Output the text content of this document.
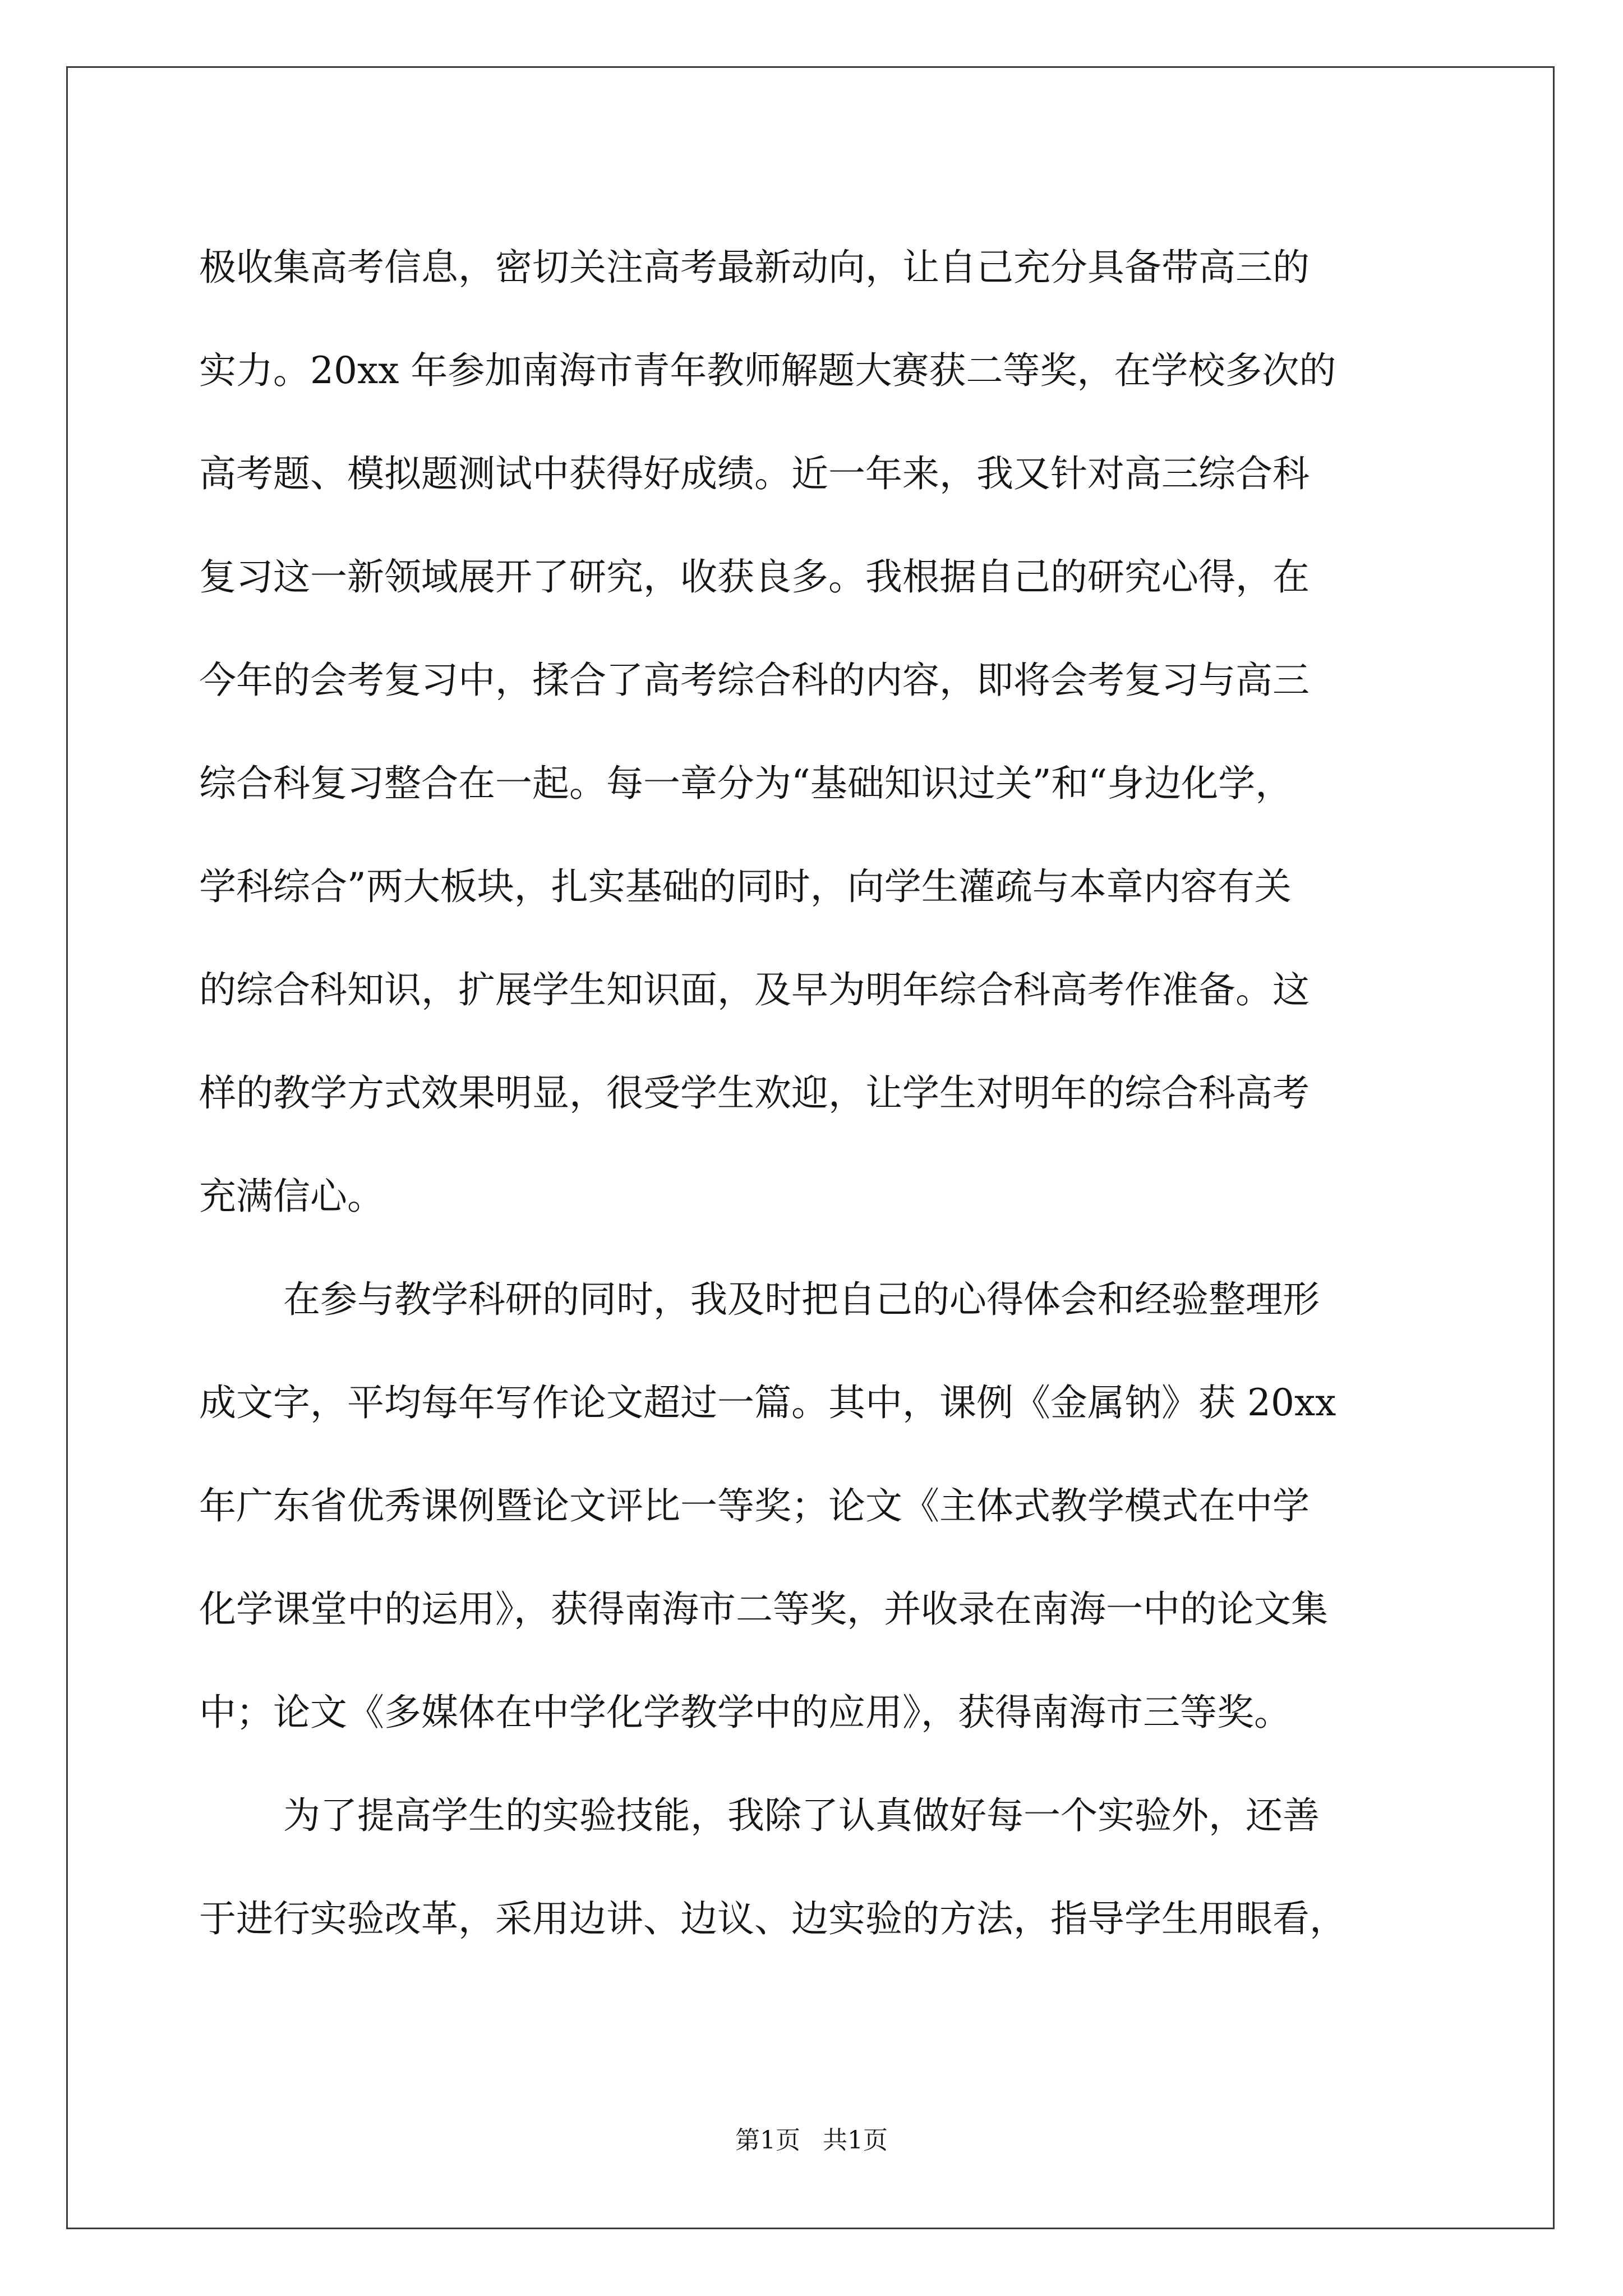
极收集高考信息，密切关注高考最新动向，让自己充分具备带高三的
实力。20xx 年参加南海市青年教师解题大赛获二等奖，在学校多次的
高考题、模拟题测试中获得好成绩。近一年来，我又针对高三综合科
复习这一新领域展开了研究，收获良多。我根据自己的研究心得，在
今年的会考复习中，揉合了高考综合科的内容，即将会考复习与高三
综合科复习整合在一起。每一章分为“基础知识过关”和“身边化学，
学科综合”两大板块，扎实基础的同时，向学生灌疏与本章内容有关
的综合科知识，扩展学生知识面，及早为明年综合科高考作准备。这
样的教学方式效果明显，很受学生欢迎，让学生对明年的综合科高考
充满信心。
在参与教学科研的同时，我及时把自己的心得体会和经验整理形
成文字，平均每年写作论文超过一篇。其中，课例《金属钠》获 20xx
年广东省优秀课例暨论文评比一等奖；论文《主体式教学模式在中学
化学课堂中的运用》，获得南海市二等奖，并收录在南海一中的论文集
中；论文《多媒体在中学化学教学中的应用》，获得南海市三等奖。
为了提高学生的实验技能，我除了认真做好每一个实验外，还善
于进行实验改革，采用边讲、边议、边实验的方法，指导学生用眼看，
第1页 共1页
